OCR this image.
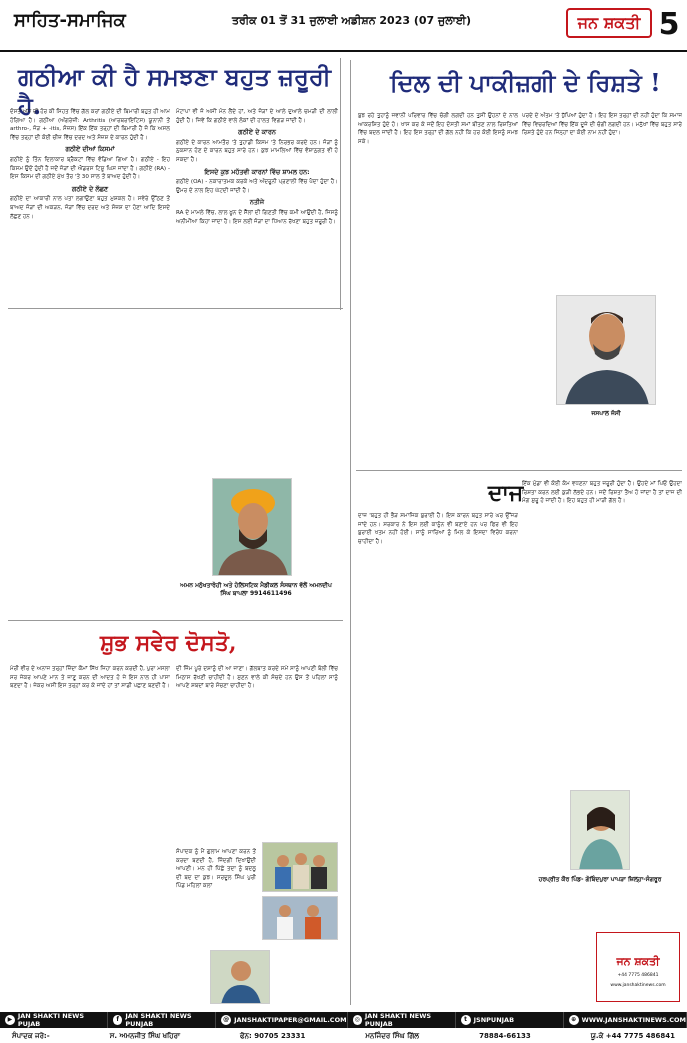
ਸਾਹਿਤ-ਸਮਾਜਿਕ	ਤਰੀਕ 01 ਤੋਂ 31 ਜੁਲਾਈ ਅਡੀਸ਼ਨ 2023 (07 ਜੁਲਾਈ)	ਜਨ ਸ਼ਕਤੀ 5
ਗਠੀਆ ਕੀ ਹੈ ਸਮਝਣਾ ਬਹੁਤ ਜ਼ਰੂਰੀ ਹੈ.

ਦੋਸਤੋ ਅੱਜ ਦੀ ਹੋਰ ਕੀ ਸਿਹਤ ਵਿੱਚ ਗੱਲ ਕਰਾਂ ਗਠੀਏ ਦੀ ਬਿਮਾਰੀ ਬਹੁਤ ਹੀ ਆਮ ਹੋਗਿਆ ਹੈ। ਗਠੀਆ (ਅੰਗਰੇਜ਼ੀ: Arthritis (ਆਰਥਰਾਇਟਿਸ) ਯੂਨਾਨੀ ਤੋਂ arthro-, ਜੋੜ + -itis, ਸੋਜ਼ਸ) ਇੱਕ ਇੱਕ ਤਰ੍ਹਾਂ ਦੀ ਬਿਮਾਰੀ ਹੈ ਜੋ ਕਿ ਅਸਲ ਵਿੱਚ ਤਰ੍ਹਾਂ ਦੀ ਕੋਈ ਚੀਜ਼ ਵਿੱਚ ਦਰਦ ਅਤੇ ਸੋਜ਼ਸ਼ ਦੇ ਕਾਰਨ ਹੁੰਦੀ ਹੈ।

ਗਠੀਏ ਦੀਆਂ ਕਿਸਮਾਂ

ਗਠੀਏ ਨੂੰ ਤਿੰਨ ਦਿਲਾਕਾਰ ਬ੍ਰੈਕਟਾਂ ਵਿੱਚ ਵੰਡਿਆ ਗਿਆ ਹੈ। ਗਠੀਏ - ਇਹ ਕਿਸਮ ਉਦੋਂ ਹੁੰਦੀ ਹੈ ਜਦੋਂ ਜੋੜਾਂ ਦੀ ਐਂਡਰਸ ਟਿਸ਼ੂ ਘਿਸ ਜਾਂਦਾ ਹੈ। ਗਠੀਏ (RA) - ਇਸ ਕਿਸਮ ਦੀ ਗਠੀਏ ਮੁੱਖ ਤੌਰ 'ਤੇ 30 ਸਾਲ ਤੋਂ ਬਾਅਦ ਹੁੰਦੀ ਹੈ।

ਗਠੀਏ ਦੇ ਲੱਛਣ

ਗਠੀਏ ਦਾ ਆਕਾਰੀ ਨਾਲ ਪਤਾ ਲਗਾਉਣਾ ਬਹੁਤ ਮੁਸ਼ਕਲ ਹੈ। ਸਵੇਰੇ ਉੱਠਣ ਤੋਂ ਬਾਅਦ ਜੋੜਾਂ ਦੀ ਅਕੜਨ, ਜੋੜਾਂ ਵਿੱਚ ਦਰਦ ਅਤੇ ਸੋਜ਼ਸ਼ ਦਾ ਹੋਣਾ ਆਦਿ ਇਸਦੇ ਲੱਛਣ ਹਨ।

ਮੋਟਾਪਾ ਵੀ ਜੋ ਅਸੀਂ ਮੰਨ ਲੈਂਦੇ ਹਾਂ, ਅਤੇ ਜੋੜਾਂ ਦੇ ਆਲੇ ਦੁਆਲੇ ਚਮੜੀ ਦੀ ਲਾਲੀ ਹੁੰਦੀ ਹੈ। ਜਿਵੇਂ ਕਿ ਗਠੀਏ ਵਾਲੇ ਲੋਕਾਂ ਦੀ ਹਾਲਤ ਵਿਗੜ ਜਾਂਦੀ ਹੈ।

ਗਠੀਏ ਦੇ ਕਾਰਨ

ਗਠੀਏ ਦੇ ਕਾਰਨ ਆਮਤੌਰ 'ਤੇ ਤੁਹਾਡੀ ਕਿਸਮ 'ਤੇ ਨਿਰਭਰ ਕਰਦੇ ਹਨ। ਜੋੜਾਂ ਨੂੰ ਨੁਕਸਾਨ ਹੋਣ ਦੇ ਕਾਰਨ ਬਹੁਤ ਸਾਰੇ ਹਨ। ਕੁਝ ਮਾਮਲਿਆਂ ਵਿੱਚ ਵੰਸ਼ਾਨੁਗਤ ਵੀ ਹੋ ਸਕਦਾ ਹੈ।

ਇਸਦੇ ਕੁਝ ਮਹੱਤਵੀ ਕਾਰਨਾਂ ਵਿੱਚ ਸ਼ਾਮਲ ਹਨ:

ਗਠੀਏ (OA) - ਨਕਾਰਾਤਮਕ ਕਰਕੇ ਅਤੇ ਅੰਦਰੂਨੀ ਪ੍ਰਣਾਲੀ ਵਿੱਚ ਪੈਦਾ ਹੁੰਦਾ ਹੈ। ਉਮਰ ਦੇ ਨਾਲ ਇਹ ਘੱਟਦੀ ਜਾਂਦੀ ਹੈ।

ਨਤੀਜੇ

RA ਦੇ ਮਾਮਲੇ ਵਿੱਚ, ਲਾਲ ਖ਼ੂਨ ਦੇ ਸੈੱਲਾਂ ਦੀ ਗਿਣਤੀ ਵਿੱਚ ਕਮੀ ਆਉਂਦੀ ਹੈ, ਜਿਸਨੂੰ ਅਨੀਮੀਆ ਕਿਹਾ ਜਾਂਦਾ ਹੈ। ਇਸ ਲਈ ਜੋੜਾਂ ਦਾ ਧਿਆਨ ਰੱਖਣਾ ਬਹੁਤ ਜ਼ਰੂਰੀ ਹੈ।

ਅਮਨ ਮਨੁੱਖਤਾਰੋਹੀ ਅਤੇ ਹੋਲਿਸਟਿਕ ਮੈਡੀਕਲ ਸੰਸਥਾਨ ਵੱਲੋਂ ਅਮਨਦੀਪ ਸਿੰਘ ਬਾਪਲਾ 9914611496
ਸ਼ੁਭ ਸਵੇਰ ਦੋਸਤੋ,

ਮੇਰੀ ਵੀਰ ਦੇ ਅਨਾਜ ਤਰ੍ਹਾਂ ਜ਼ਿੰਦਾ ਕੌਮਾਂ ਸਿੱਖ ਜਿਹਾ ਕਰਨ ਕਰਦੀ ਹੈ, ਪੁਰਾ ਮਸਲਾ ਸਰ ਜੇਕਰ ਆਪਣੇ ਮਾਨ ਤੇ ਜਾਣੂ ਕਰਨ ਦੀ ਆਦਤ ਹੋ ਜੇ ਇਸ ਨਾਲ ਹੀ ਪਾਸਾ ਬਣਦਾ ਹੈ। ਜੇਕਰ ਅਸੀਂ ਇਸ ਤਰ੍ਹਾਂ ਕਰ ਕੇ ਜਾਂਦੇ ਹਾਂ ਤਾਂ ਸਾਡੀ ਪਛਾਣ ਬਣਦੀ ਹੈ।

ਦੀ ਜਿੰਮ ਪੂਰੇ ਦਸ਼ਾਨੂੰ ਦੀ ਆ ਜਾਣਾ। ਗੱਲਬਾਤ ਕਰਦੇ ਸਮੇਂ ਸਾਨੂੰ ਆਪਣੀ ਬੋਲੀ ਵਿੱਚ ਮਿਠਾਸ ਰੱਖਣੀ ਚਾਹੀਦੀ ਹੈ। ਸੁਣਨ ਵਾਲੇ ਕੀ ਸੋਚਦੇ ਹਨ ਉਸ ਤੋਂ ਪਹਿਲਾਂ ਸਾਨੂੰ ਆਪਣੇ ਸ਼ਬਦਾਂ ਬਾਰੇ ਸੋਚਣਾ ਚਾਹੀਦਾ ਹੈ।

ਸੰਪਾਦਕ ਨੂੰ ਮੈਂ ਗੁਲਾਮ ਆਪਣਾ ਕਰਨ ਤੋਂ ਕਰਦਾ ਬਣਦੀ ਹੈ, ਜਿੰਦਗੀ ਦਿਖਾਉਂਦੀ ਆਪਣੀ। ਮਨ ਹੀ ਪਿੱਛੇ ਤਦਾ ਨੂੰ ਬਦਲੂ ਦੀ ਬਦ ਦਾ ਕੁਝ। ਸਰਦੂਲ ਸਿੰਘ ਪੁਰੀ ਪਿੰਡ ਮਹਿਲਾਂ ਕਲਾਂ

ਦਿਲ ਦੀ ਪਾਕੀਜ਼ਗੀ ਦੇ ਰਿਸ਼ਤੇ !

ਬੁਝ ਰਹੇ ਤੁਹਾਨੂੰ ਜਵਾਨੀ ਪਰਿਵਾਰ ਵਿੱਚ ਚੰਗੀ ਲਗਦੀ ਹਨ ਤੁਸੀਂ ਉਹਨਾਂ ਦੇ ਨਾਲ ਆਕਰਸ਼ਿਤ ਹੁੰਦੇ ਹੋ। ਖਾਸ ਕਰ ਕੇ ਜਦੋਂ ਇਹ ਦੋਸਤੀ ਸਮਾਂ ਬੀਤਣ ਨਾਲ ਰਿਸ਼ਤਿਆਂ ਵਿੱਚ ਬਦਲ ਜਾਂਦੀ ਹੈ। ਇਹ ਇਸ ਤਰ੍ਹਾਂ ਦੀ ਗੱਲ ਨਹੀਂ ਕਿ ਹਰ ਕੋਈ ਇਸਨੂੰ ਸਮਝ ਸਕੇ।

ਪਰਦੇ ਦੇ ਅੰਤਮ 'ਤੇ ਧੁੱਪਿਆਂ ਹੁੰਦਾ ਹੈ। ਇਹ ਇਸ ਤਰ੍ਹਾਂ ਦੀ ਨਹੀਂ ਹੁੰਦਾ ਕਿ ਸਮਾਜ ਵਿੱਚ ਵਿਚਰਦਿਆਂ ਵਿੱਚ ਇੱਕ ਦੂਜੇ ਦੀ ਚੰਗੀ ਲਗਦੀ ਹਨ। ਮਨੁੱਖਾਂ ਵਿੱਚ ਬਹੁਤ ਸਾਰੇ ਰਿਸ਼ਤੇ ਹੁੰਦੇ ਹਨ ਜਿਨ੍ਹਾਂ ਦਾ ਕੋਈ ਨਾਮ ਨਹੀਂ ਹੁੰਦਾ।

ਜਸਪਾਲ ਜੱਸੀ
ਦਾਜ

ਦਾਜ਼ 'ਬਹੁਤ ਹੀ ਭੈੜ ਸਮਾਜਿਕ ਬੁਰਾਈ ਹੈ। ਇਸ ਕਾਰਨ ਬਹੁਤ ਸਾਰੇ ਘਰ ਉੱਜੜ ਜਾਂਦੇ ਹਨ। ਸਰਕਾਰ ਨੇ ਇਸ ਲਈ ਕਾਨੂੰਨ ਵੀ ਬਣਾਏ ਹਨ ਪਰ ਫਿਰ ਵੀ ਇਹ ਬੁਰਾਈ ਖਤਮ ਨਹੀਂ ਹੋਈ। ਸਾਨੂੰ ਸਾਰਿਆਂ ਨੂੰ ਮਿਲ ਕੇ ਇਸਦਾ ਵਿਰੋਧ ਕਰਨਾ ਚਾਹੀਦਾ ਹੈ।

ਇੱਕ ਮੁੰਡਾ ਵੀ ਕੋਈ ਕੰਮ ਵਧਣਨਾ ਬਹੁਤ ਜਰੂਰੀ ਹੁੰਦਾ ਹੈ। ਉਹਦੇ ਮਾਂ ਪਿਓ ਉਹਦਾ ਰਿਸ਼ਤਾ ਕਰਨ ਲਈ ਕੁੜੀ ਲੱਭਦੇ ਹਨ। ਜਦੋਂ ਰਿਸ਼ਤਾ ਤੈਅ ਹੋ ਜਾਂਦਾ ਹੈ ਤਾਂ ਦਾਜ ਦੀ ਮੰਗ ਸ਼ੁਰੂ ਹੋ ਜਾਂਦੀ ਹੈ। ਇਹ ਬਹੁਤ ਹੀ ਮਾੜੀ ਗੱਲ ਹੈ।

ਹਰਪ੍ਰੀਤ ਕੌਰ ਪਿੰਡ- ਗੋਬਿੰਦਪੁਰਾ ਪਾਪੜਾ ਜ਼ਿਲ੍ਹਾ-ਸੰਗਰੂਰ
ਜਨ ਸ਼ਕਤੀ
+44 7775 486841
www.janshaktinews.com
▶ JAN SHAKTI NEWS PUJAB
f JAN SHAKTI NEWS PUNJAB
@ JANSHAKTIPAPER@GMAIL.COM	◎ JAN SHAKTI NEWS PUNJAB
t	JSNPUNJAB	⊕ WWW.JANSHAKTINEWS.COM
ਸੰਪਾਦਕ ਜਰੇ:-	ਸ. ਅਮਨਜੀਤ ਸਿੰਘ ਖਹਿਰਾ	ਫੋਨ: 90705 23331	ਮਨਜਿੰਦਰ ਸਿੰਘ ਗਿੱਲ	78884-66133	ਯੂ.ਕੇ +44 7775 486841
